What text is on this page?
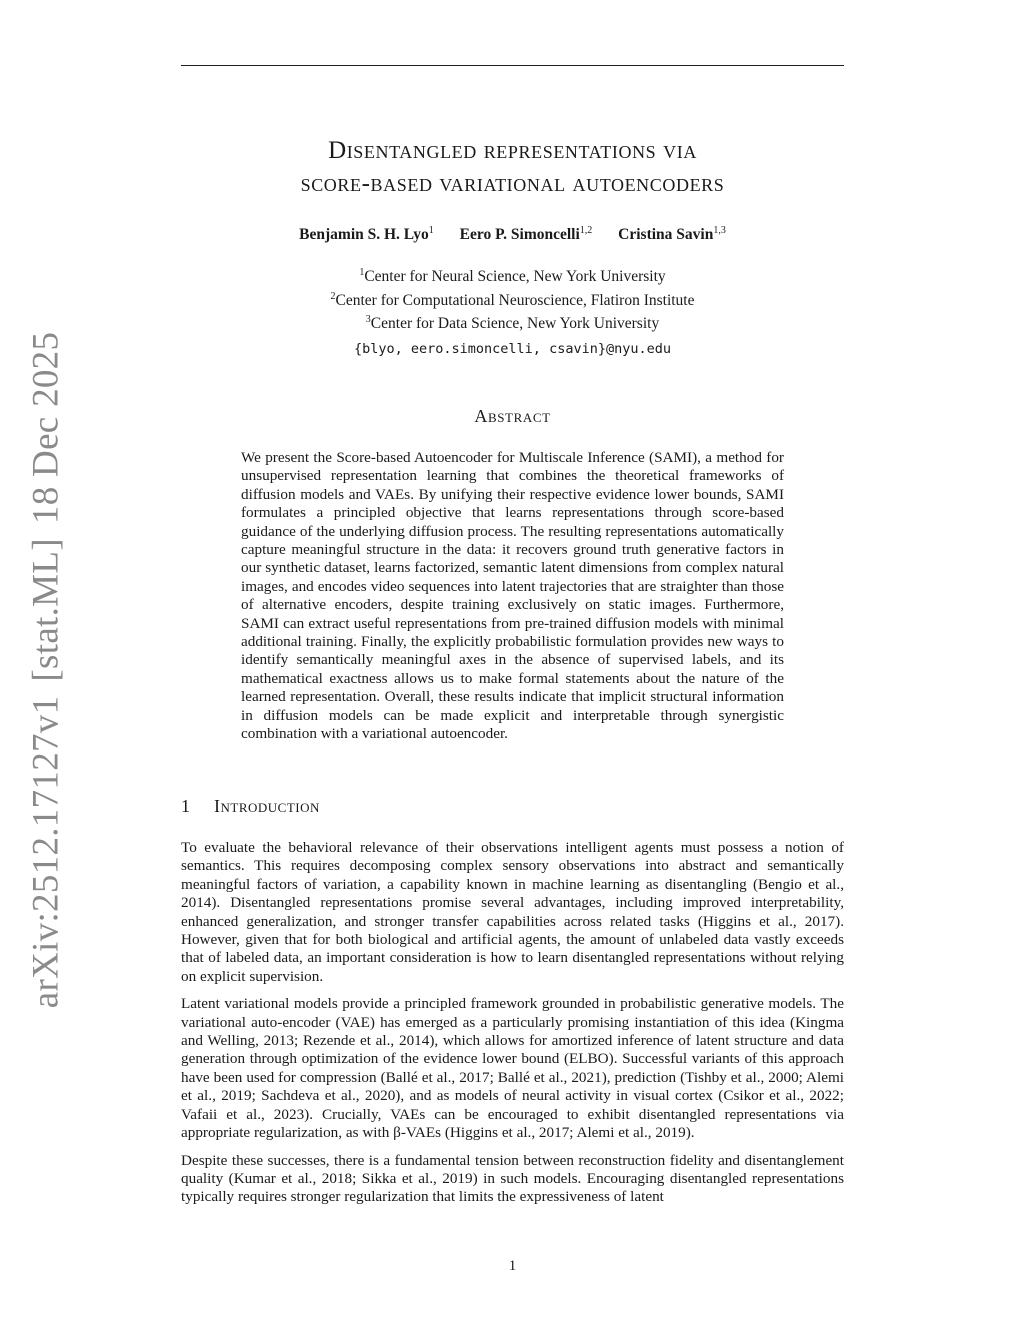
arXiv:2512.17127v1[stat.ML]18 Dec 2025
Disentangled representations via
score-based variational autoencoders
Benjamin S. H. Lyo$^1$ Eero P. Simoncelli$^{1,2}$ Cristina Savin$^{1,3}$
$^1$Center for Neural Science, New York University
$^2$Center for Computational Neuroscience, Flatiron Institute
$^3$Center for Data Science, New York University
{blyo, eero.simoncelli, csavin}@nyu.edu
Abstract
We present the Score-based Autoencoder for Multiscale Inference (SAMI), a method for unsupervised representation learning that combines the theoretical frameworks of diffusion models and VAEs. By unifying their respective evidence lower bounds, SAMI formulates a principled objective that learns representations through score-based guidance of the underlying diffusion process. The resulting representations automatically capture meaningful structure in the data: it recovers ground truth generative factors in our synthetic dataset, learns factorized, semantic latent dimensions from complex natural images, and encodes video sequences into latent trajectories that are straighter than those of alternative encoders, despite training exclusively on static images. Furthermore, SAMI can extract useful representations from pre-trained diffusion models with minimal additional training. Finally, the explicitly probabilistic formulation provides new ways to identify semantically meaningful axes in the absence of supervised labels, and its mathematical exactness allows us to make formal statements about the nature of the learned representation. Overall, these results indicate that implicit structural information in diffusion models can be made explicit and interpretable through synergistic combination with a variational autoencoder.
1 Introduction

To evaluate the behavioral relevance of their observations intelligent agents must possess a notion of semantics. This requires decomposing complex sensory observations into abstract and semantically meaningful factors of variation, a capability known in machine learning as disentangling (Bengio et al., 2014). Disentangled representations promise several advantages, including improved interpretability, enhanced generalization, and stronger transfer capabilities across related tasks (Higgins et al., 2017). However, given that for both biological and artificial agents, the amount of unlabeled data vastly exceeds that of labeled data, an important consideration is how to learn disentangled representations without relying on explicit supervision.

Latent variational models provide a principled framework grounded in probabilistic generative models. The variational auto-encoder (VAE) has emerged as a particularly promising instantiation of this idea (Kingma and Welling, 2013; Rezende et al., 2014), which allows for amortized inference of latent structure and data generation through optimization of the evidence lower bound (ELBO). Successful variants of this approach have been used for compression (Ballé et al., 2017; Ballé et al., 2021), prediction (Tishby et al., 2000; Alemi et al., 2019; Sachdeva et al., 2020), and as models of neural activity in visual cortex (Csikor et al., 2022; Vafaii et al., 2023). Crucially, VAEs can be encouraged to exhibit disentangled representations via appropriate regularization, as with β-VAEs (Higgins et al., 2017; Alemi et al., 2019).

Despite these successes, there is a fundamental tension between reconstruction fidelity and disentanglement quality (Kumar et al., 2018; Sikka et al., 2019) in such models. Encouraging disentangled representations typically requires stronger regularization that limits the expressiveness of latent

1
